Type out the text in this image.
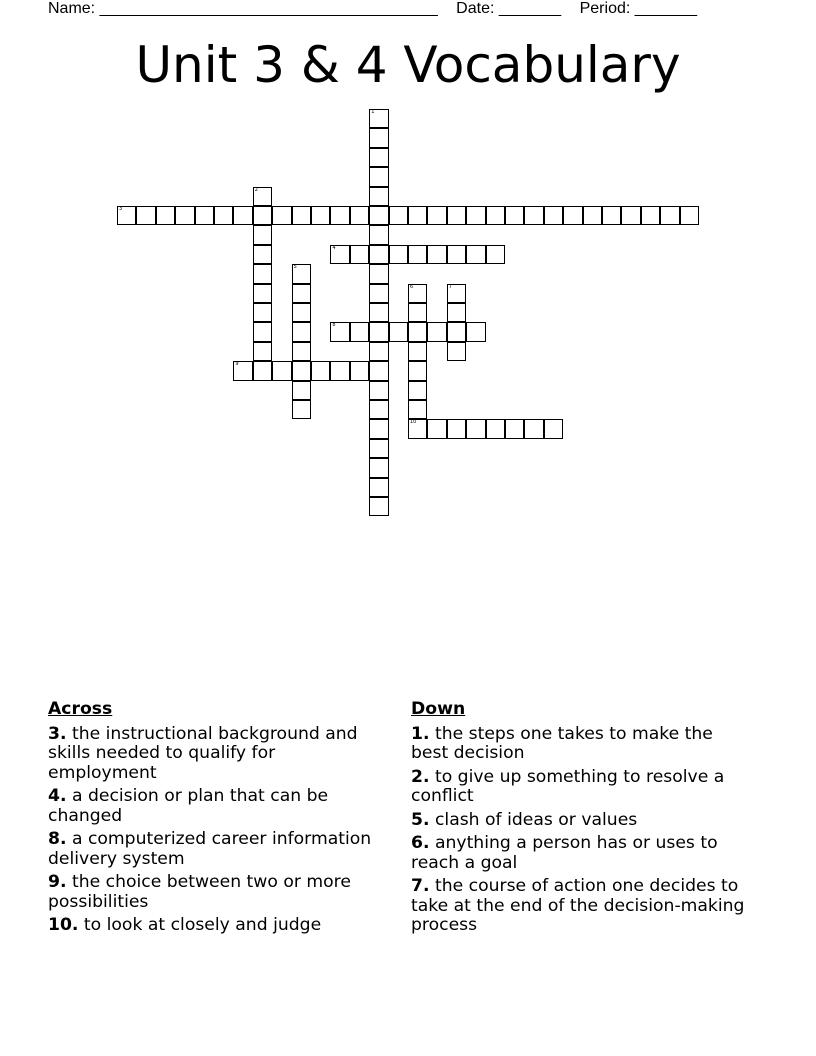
Name: ______________________________________ Date: _______ Period: _______
Unit 3 & 4 Vocabulary
1
2
3
4
5
6
10
7
8
9
Across
3. the instructional background and skills needed to qualify for employment
4. a decision or plan that can be changed
8. a computerized career information delivery system
9. the choice between two or more possibilities
10. to look at closely and judge
Down
1. the steps one takes to make the best decision
2. to give up something to resolve a conflict
5. clash of ideas or values
6. anything a person has or uses to reach a goal
7. the course of action one decides to take at the end of the decision-making process
